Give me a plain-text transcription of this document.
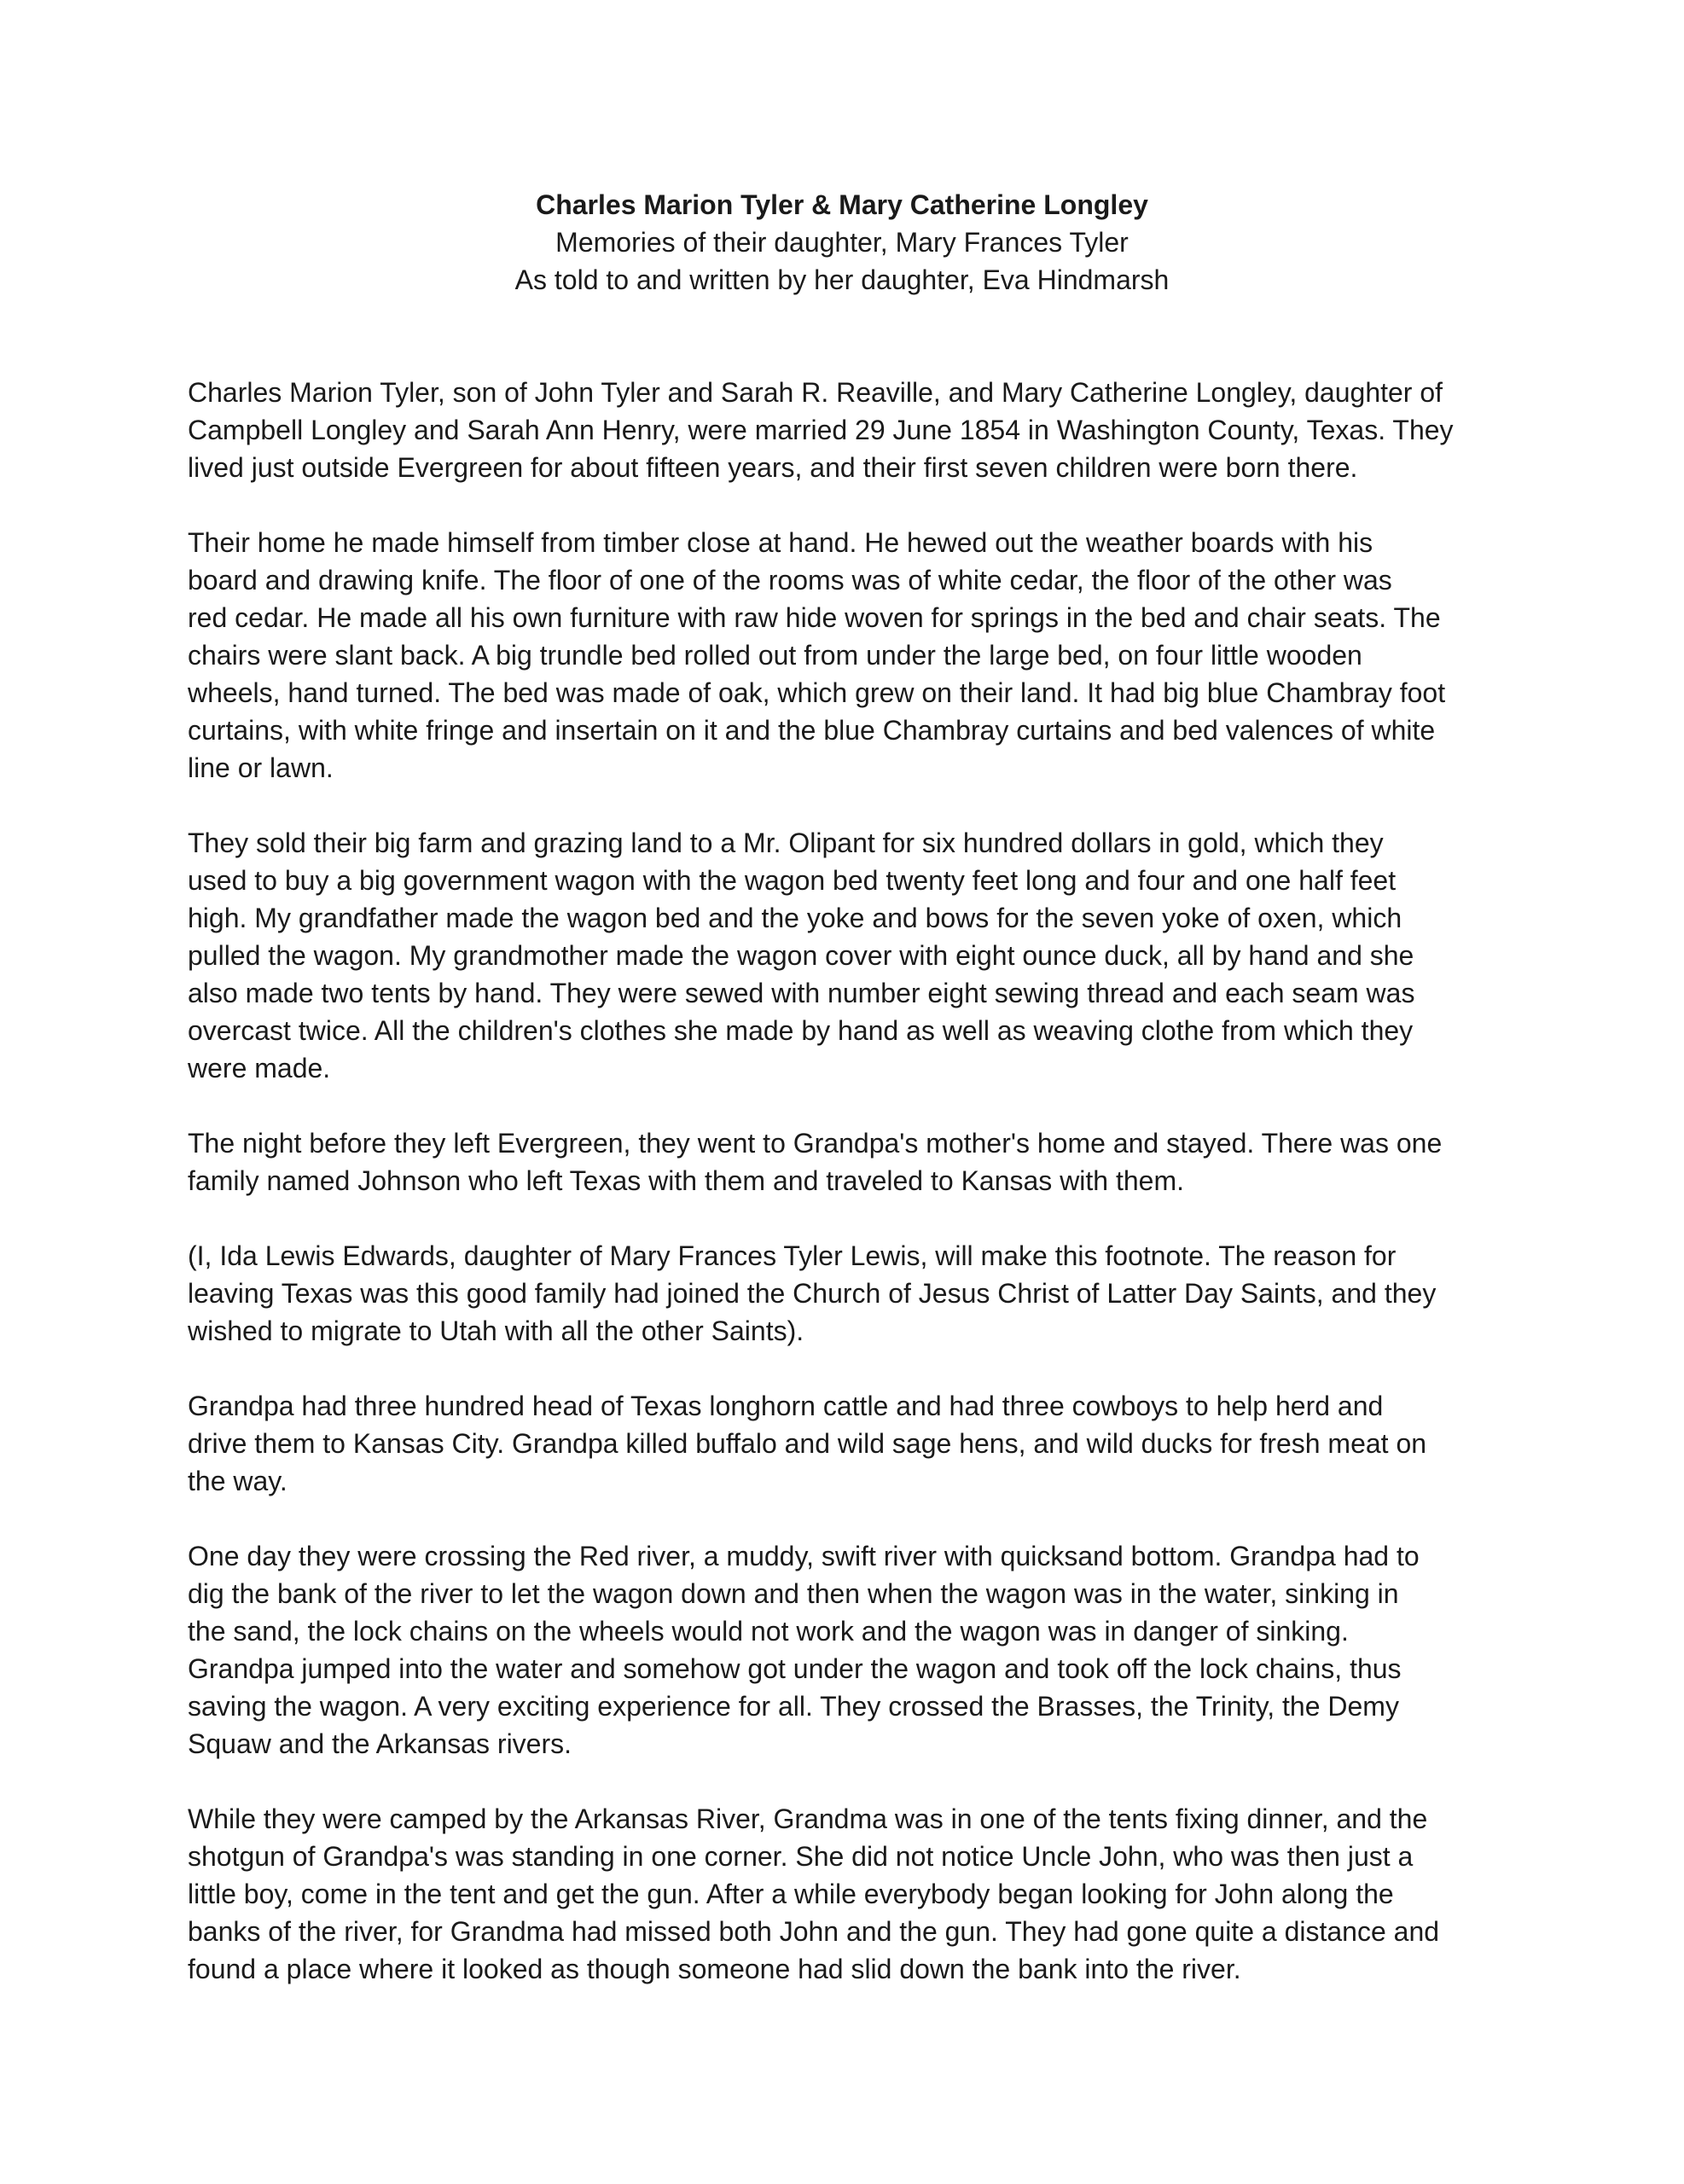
Charles Marion Tyler & Mary Catherine Longley
Memories of their daughter, Mary Frances Tyler
As told to and written by her daughter, Eva Hindmarsh

Charles Marion Tyler, son of John Tyler and Sarah R. Reaville, and Mary Catherine Longley, daughter of
Campbell Longley and Sarah Ann Henry, were married 29 June 1854 in Washington County, Texas. They
lived just outside Evergreen for about fifteen years, and their first seven children were born there.

Their home he made himself from timber close at hand. He hewed out the weather boards with his
board and drawing knife. The floor of one of the rooms was of white cedar, the floor of the other was
red cedar. He made all his own furniture with raw hide woven for springs in the bed and chair seats. The
chairs were slant back. A big trundle bed rolled out from under the large bed, on four little wooden
wheels, hand turned. The bed was made of oak, which grew on their land. It had big blue Chambray foot
curtains, with white fringe and insertain on it and the blue Chambray curtains and bed valences of white
line or lawn.

They sold their big farm and grazing land to a Mr. Olipant for six hundred dollars in gold, which they
used to buy a big government wagon with the wagon bed twenty feet long and four and one half feet
high. My grandfather made the wagon bed and the yoke and bows for the seven yoke of oxen, which
pulled the wagon. My grandmother made the wagon cover with eight ounce duck, all by hand and she
also made two tents by hand. They were sewed with number eight sewing thread and each seam was
overcast twice. All the children's clothes she made by hand as well as weaving clothe from which they
were made.

The night before they left Evergreen, they went to Grandpa's mother's home and stayed. There was one
family named Johnson who left Texas with them and traveled to Kansas with them.

(I, Ida Lewis Edwards, daughter of Mary Frances Tyler Lewis, will make this footnote. The reason for
leaving Texas was this good family had joined the Church of Jesus Christ of Latter Day Saints, and they
wished to migrate to Utah with all the other Saints).

Grandpa had three hundred head of Texas longhorn cattle and had three cowboys to help herd and
drive them to Kansas City. Grandpa killed buffalo and wild sage hens, and wild ducks for fresh meat on
the way.

One day they were crossing the Red river, a muddy, swift river with quicksand bottom. Grandpa had to
dig the bank of the river to let the wagon down and then when the wagon was in the water, sinking in
the sand, the lock chains on the wheels would not work and the wagon was in danger of sinking.
Grandpa jumped into the water and somehow got under the wagon and took off the lock chains, thus
saving the wagon. A very exciting experience for all. They crossed the Brasses, the Trinity, the Demy
Squaw and the Arkansas rivers.

While they were camped by the Arkansas River, Grandma was in one of the tents fixing dinner, and the
shotgun of Grandpa's was standing in one corner. She did not notice Uncle John, who was then just a
little boy, come in the tent and get the gun. After a while everybody began looking for John along the
banks of the river, for Grandma had missed both John and the gun. They had gone quite a distance and
found a place where it looked as though someone had slid down the bank into the river.
